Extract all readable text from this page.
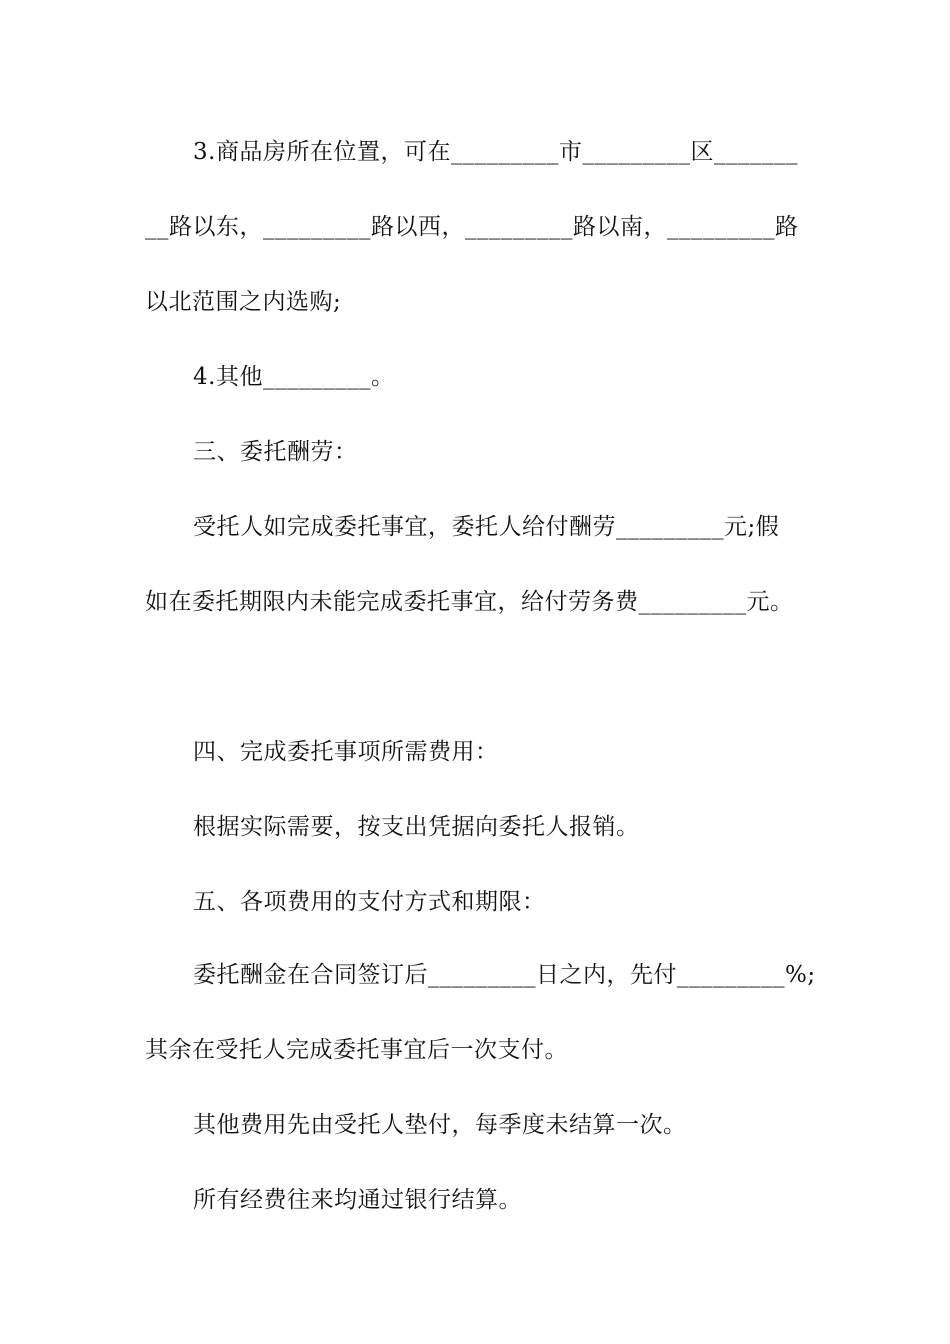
3.商品房所在位置，可在_________市_________区_______
__路以东，_________路以西，_________路以南，_________路
以北范围之内选购;
4.其他_________。
三、委托酬劳：
受托人如完成委托事宜，委托人给付酬劳_________元;假
如在委托期限内未能完成委托事宜，给付劳务费_________元。
四、完成委托事项所需费用：
根据实际需要，按支出凭据向委托人报销。
五、各项费用的支付方式和期限：
委托酬金在合同签订后_________日之内，先付_________%;
其余在受托人完成委托事宜后一次支付。
其他费用先由受托人垫付，每季度未结算一次。
所有经费往来均通过银行结算。
